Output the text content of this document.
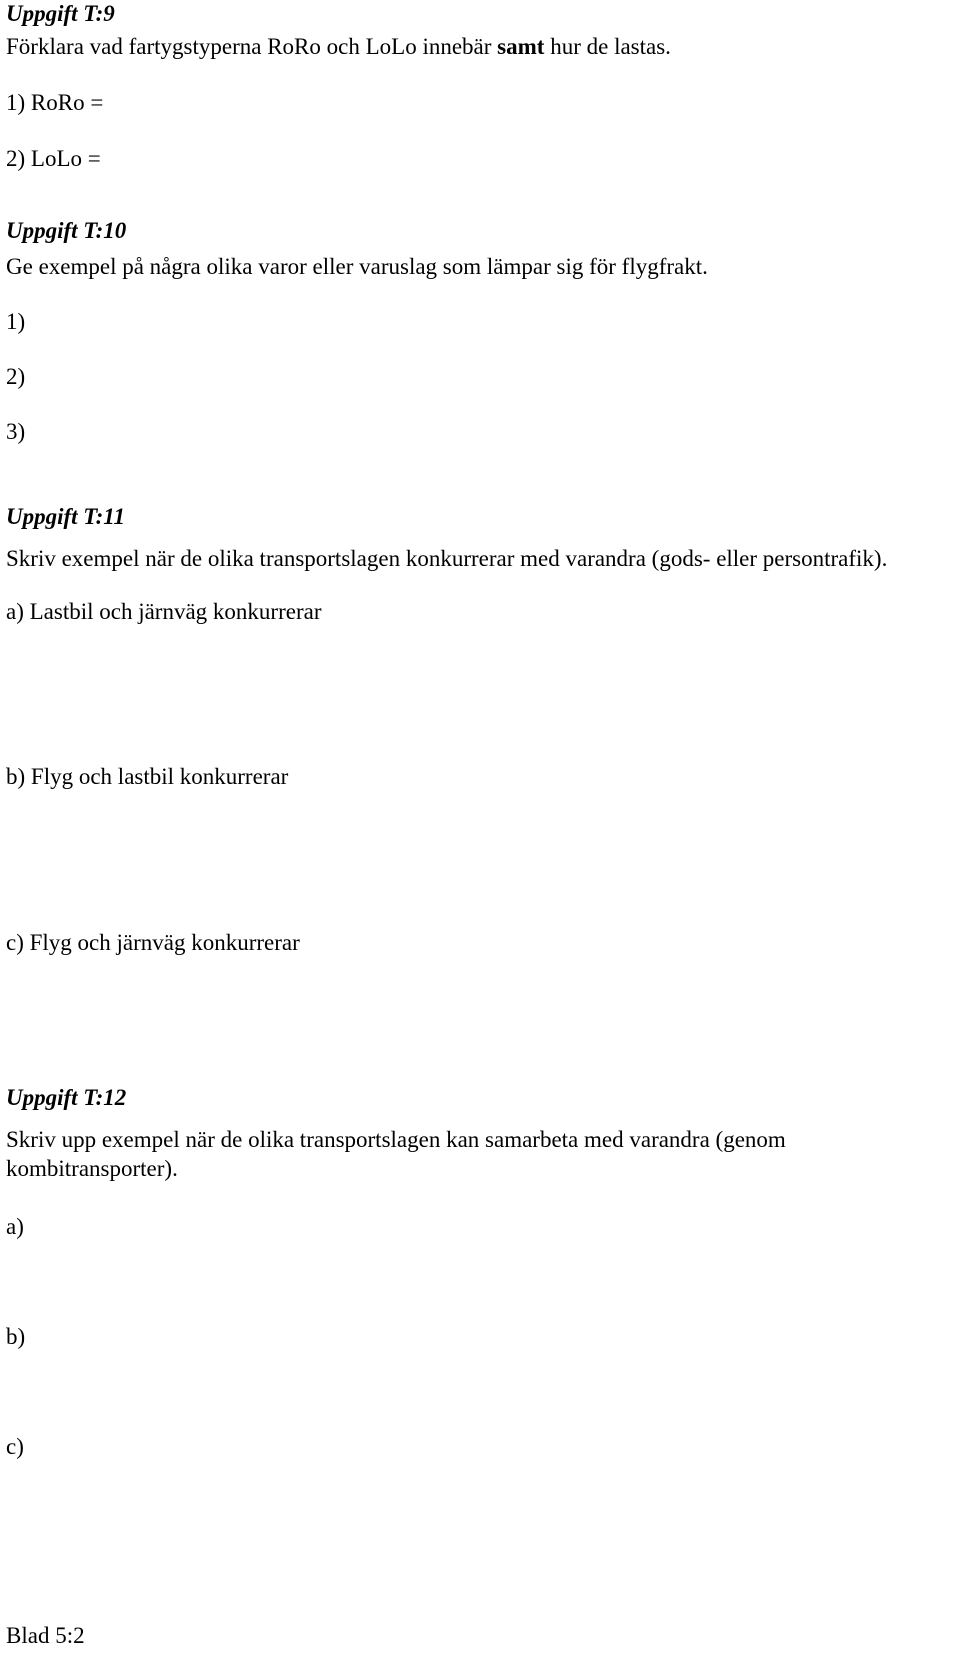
Uppgift T:9
Förklara vad fartygstyperna RoRo och LoLo innebär samt hur de lastas.
1) RoRo =
2) LoLo =
Uppgift T:10
Ge exempel på några olika varor eller varuslag som lämpar sig för flygfrakt.
1)
2)
3)
Uppgift T:11
Skriv exempel när de olika transportslagen konkurrerar med varandra (gods- eller persontrafik).
a) Lastbil och järnväg konkurrerar
b) Flyg och lastbil konkurrerar
c) Flyg och järnväg konkurrerar
Uppgift T:12
Skriv upp exempel när de olika transportslagen kan samarbeta med varandra (genom
kombitransporter).
a)
b)
c)
Blad 5:2
